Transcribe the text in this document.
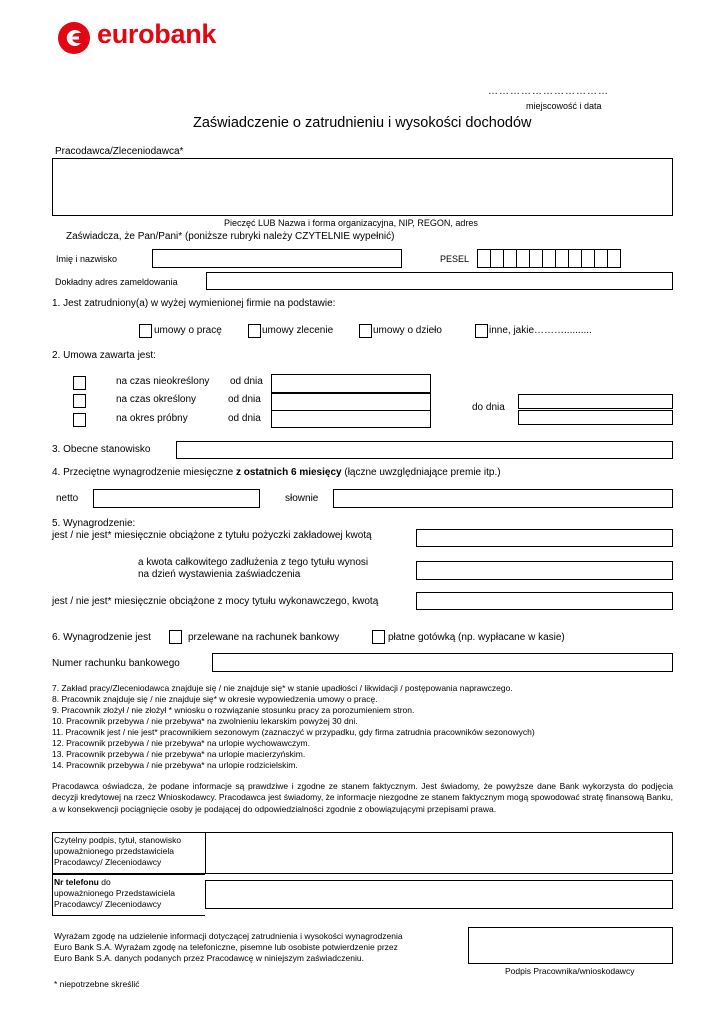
eurobank
……………………………
miejscowość i data
Zaświadczenie o zatrudnieniu i wysokości dochodów
Pracodawca/Zleceniodawca*
Pieczęć LUB Nazwa i forma organizacyjna, NIP, REGON, adres
Zaświadcza, że Pan/Pani* (poniższe rubryki należy CZYTELNIE wypełnić)
Imię i nazwisko	PESEL
Dokładny adres zameldowania
1. Jest zatrudniony(a) w wyżej wymienionej firmie na podstawie:
umowy o pracę	umowy zlecenie	umowy o dzieło	inne, jakie………..........
2. Umowa zawarta jest:
na czas nieokreślony od dnia
na czas określony	od dnia
na okres próbny	od dnia
do dnia
3. Obecne stanowisko
4. Przeciętne wynagrodzenie miesięczne z ostatnich 6 miesięcy (łączne uwzględniające premie itp.)
netto	słownie
5. Wynagrodzenie:
jest / nie jest* miesięcznie obciążone z tytułu pożyczki zakładowej kwotą
a kwota całkowitego zadłużenia z tego tytułu wynosi
na dzień wystawienia zaświadczenia
jest / nie jest* miesięcznie obciążone z mocy tytułu wykonawczego, kwotą
6. Wynagrodzenie jest	przelewane na rachunek bankowy	płatne gotówką (np. wypłacane w kasie)
Numer rachunku bankowego
7. Zakład pracy/Zleceniodawca znajduje się / nie znajduje się* w stanie upadłości / likwidacji / postępowania naprawczego.
8. Pracownik znajduje się / nie znajduje się* w okresie wypowiedzenia umowy o pracę.
9. Pracownik złożył / nie złożył * wniosku o rozwiązanie stosunku pracy za porozumieniem stron.
10. Pracownik przebywa / nie przebywa* na zwolnieniu lekarskim powyżej 30 dni.
11. Pracownik jest / nie jest* pracownikiem sezonowym (zaznaczyć w przypadku, gdy firma zatrudnia pracowników sezonowych)
12. Pracownik przebywa / nie przebywa* na urlopie wychowawczym.
13. Pracownik przebywa / nie przebywa* na urlopie macierzyńskim.
14. Pracownik przebywa / nie przebywa* na urlopie rodzicielskim.
Pracodawca oświadcza, że podane informacje są prawdziwe i zgodne ze stanem faktycznym. Jest świadomy, że powyższe dane Bank wykorzysta do podjęcia decyzji kredytowej na rzecz Wnioskodawcy. Pracodawca jest świadomy, że informacje niezgodne ze stanem faktycznym mogą spowodować stratę finansową Banku, a w konsekwencji pociągnięcie osoby je podającej do odpowiedzialności zgodnie z obowiązującymi przepisami prawa.
Czytelny podpis, tytuł, stanowisko
upoważnionego przedstawiciela
Pracodawcy/ Zleceniodawcy
Nr telefonu do
upoważnionego Przedstawiciela
Pracodawcy/ Zleceniodawcy
Wyrażam zgodę na udzielenie informacji dotyczącej zatrudnienia i wysokości wynagrodzenia
Euro Bank S.A. Wyrażam zgodę na telefoniczne, pisemne lub osobiste potwierdzenie przez
Euro Bank S.A. danych podanych przez Pracodawcę w niniejszym zaświadczeniu.
Podpis Pracownika/wnioskodawcy
* niepotrzebne skreślić
